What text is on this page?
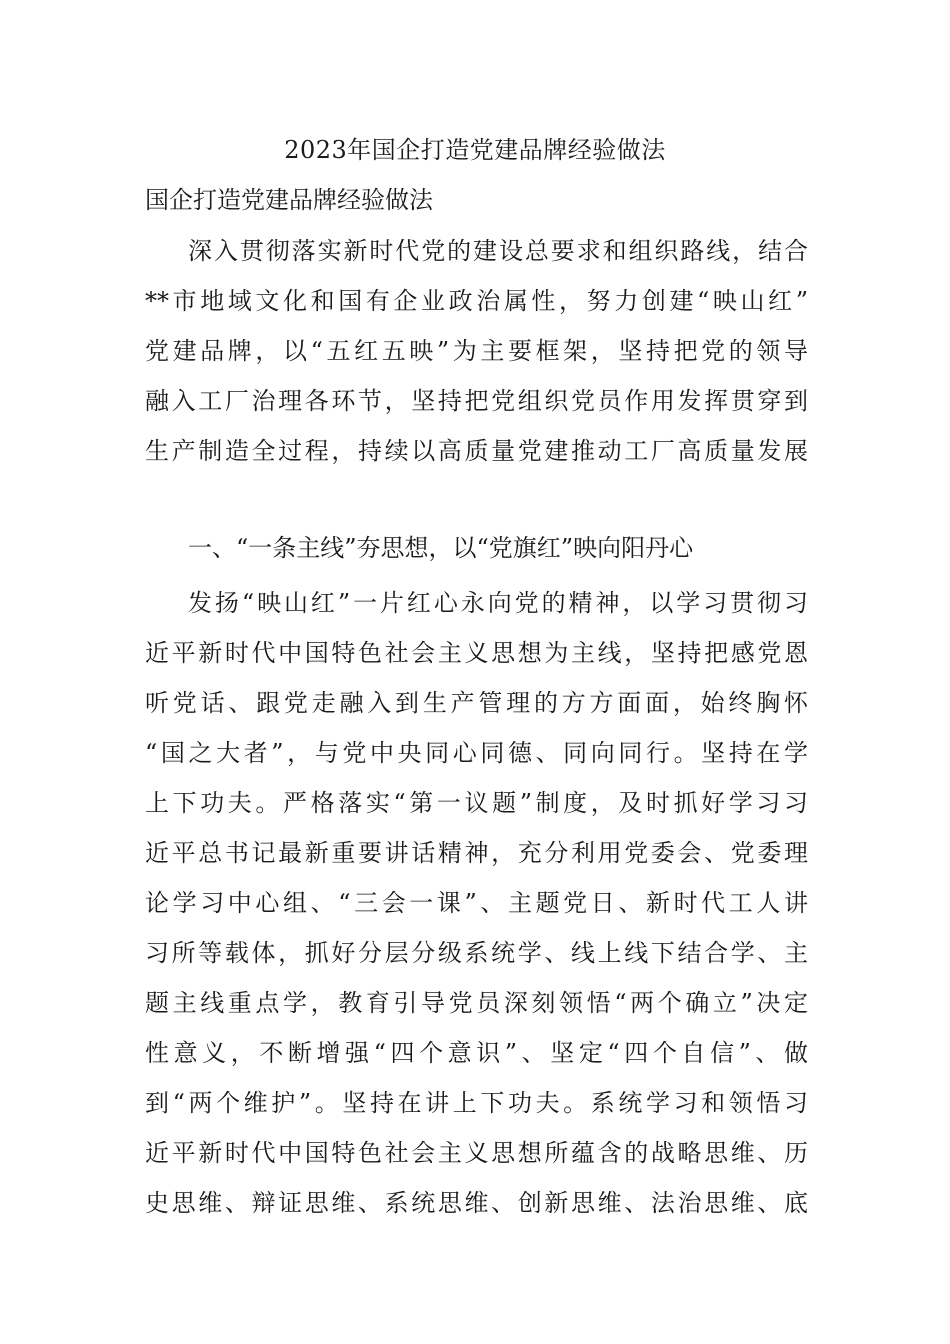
2023年国企打造党建品牌经验做法
国企打造党建品牌经验做法
深入贯彻落实新时代党的建设总要求和组织路线，结合
**市地域文化和国有企业政治属性，努力创建“映山红”
党建品牌，以“五红五映”为主要框架，坚持把党的领导
融入工厂治理各环节，坚持把党组织党员作用发挥贯穿到
生产制造全过程，持续以高质量党建推动工厂高质量发展
一、“一条主线”夯思想，以“党旗红”映向阳丹心
发扬“映山红”一片红心永向党的精神，以学习贯彻习
近平新时代中国特色社会主义思想为主线，坚持把感党恩
听党话、跟党走融入到生产管理的方方面面，始终胸怀
“国之大者”，与党中央同心同德、同向同行。坚持在学
上下功夫。严格落实“第一议题”制度，及时抓好学习习
近平总书记最新重要讲话精神，充分利用党委会、党委理
论学习中心组、“三会一课”、主题党日、新时代工人讲
习所等载体，抓好分层分级系统学、线上线下结合学、主
题主线重点学，教育引导党员深刻领悟“两个确立”决定
性意义，不断增强“四个意识”、坚定“四个自信”、做
到“两个维护”。坚持在讲上下功夫。系统学习和领悟习
近平新时代中国特色社会主义思想所蕴含的战略思维、历
史思维、辩证思维、系统思维、创新思维、法治思维、底
